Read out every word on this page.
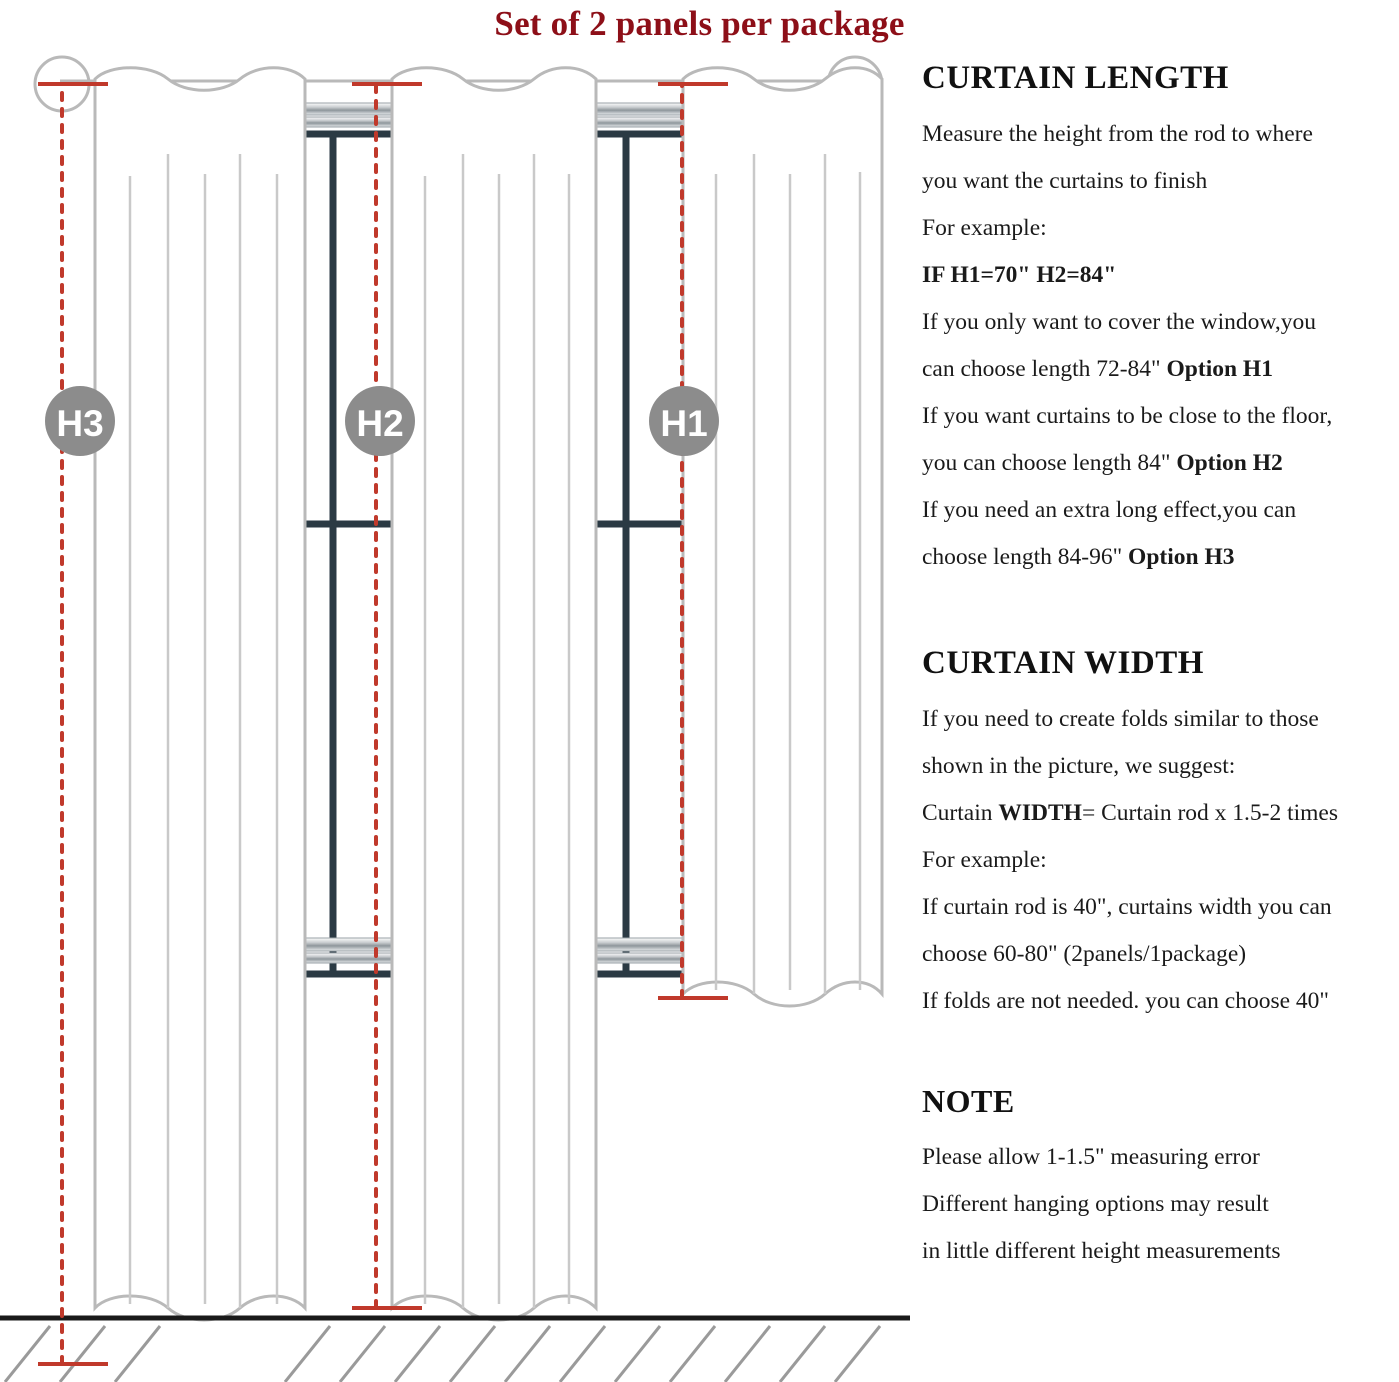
Set of 2 panels per package
H3	H2	H1
CURTAIN LENGTH

Measure the height from the rod to where
you want the curtains to finish
For example:
IF H1=70" H2=84"
If you only want to cover the window,you
can choose length 72-84" Option H1
If you want curtains to be close to the floor,
you can choose length 84" Option H2
If you need an extra long effect,you can
choose length 84-96" Option H3

CURTAIN WIDTH

If you need to create folds similar to those
shown in the picture, we suggest:
Curtain WIDTH= Curtain rod x 1.5-2 times
For example:
If curtain rod is 40", curtains width you can
choose 60-80" (2panels/1package)
If folds are not needed. you can choose 40"

NOTE

Please allow 1-1.5" measuring error
Different hanging options may result
in little different height measurements
